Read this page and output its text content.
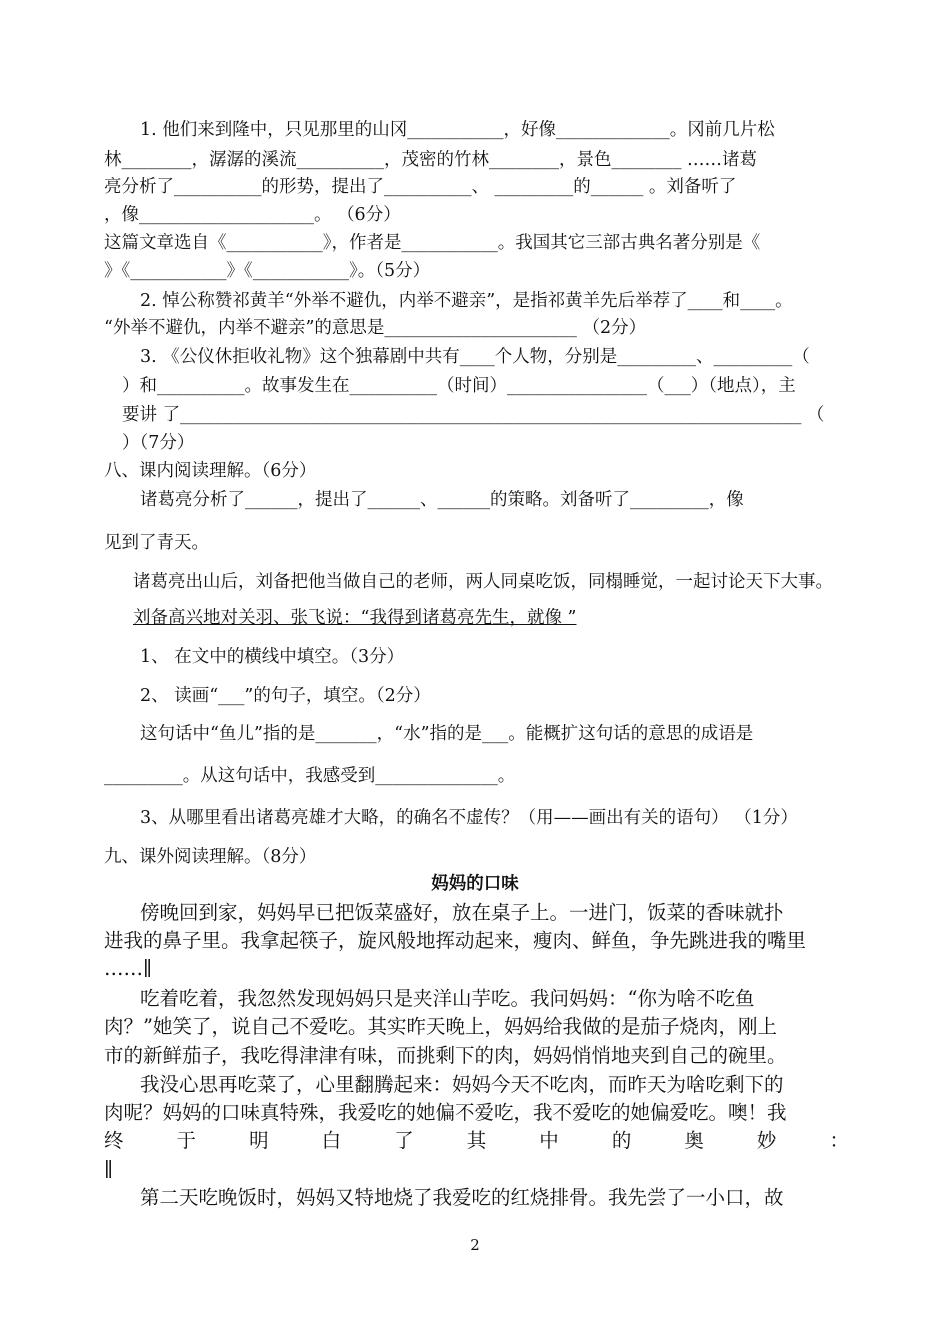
1. 他们来到隆中，只见那里的山冈___________，好像_____________。冈前几片松
林________，潺潺的溪流__________，茂密的竹林________，景色________ ……诸葛
亮分析了__________的形势，提出了__________、 _________的______ 。刘备听了
，像____________________。 （6分）
这篇文章选自《___________》，作者是___________。我国其它三部古典名著分别是《
》《___________》《___________》。（5分）
2. 悼公称赞祁黄羊“外举不避仇，内举不避亲”，是指祁黄羊先后举荐了____和____。
“外举不避仇，内举不避亲”的意思是______________________ （2分）
3. 《公仪休拒收礼物》这个独幕剧中共有____个人物，分别是_________、_________（
）和__________。故事发生在__________（时间）________________（___）（地点），主
要讲 了_______________________________________________________________________ （
）（7分）
八、课内阅读理解。（6分）
诸葛亮分析了______，提出了______、______的策略。刘备听了_________，像
见到了青天。
诸葛亮出山后，刘备把他当做自己的老师，两人同桌吃饭，同榻睡觉，一起讨论天下大事。
刘备高兴地对关羽、张飞说：“我得到诸葛亮先生，就像 ”
1、 在文中的横线中填空。（3分）
2、 读画“___”的句子，填空。（2分）
这句话中“鱼儿”指的是_______，“水”指的是___。能概扩这句话的意思的成语是
_________。从这句话中，我感受到______________。
3、从哪里看出诸葛亮雄才大略，的确名不虚传？（用——画出有关的语句） （1分）
九、课外阅读理解。（8分）
妈妈的口味
傍晚回到家，妈妈早已把饭菜盛好，放在桌子上。一进门，饭菜的香味就扑
进我的鼻子里。我拿起筷子，旋风般地挥动起来，瘦肉、鲜鱼，争先跳进我的嘴里
……∥
吃着吃着，我忽然发现妈妈只是夹洋山芋吃。我问妈妈：“你为啥不吃鱼
肉？”她笑了，说自己不爱吃。其实昨天晚上，妈妈给我做的是茄子烧肉，刚上
市的新鲜茄子，我吃得津津有味，而挑剩下的肉，妈妈悄悄地夹到自己的碗里。
我没心思再吃菜了，心里翻腾起来：妈妈今天不吃肉，而昨天为啥吃剩下的
肉呢？妈妈的口味真特殊，我爱吃的她偏不爱吃，我不爱吃的她偏爱吃。噢！我
终	于	明	白	了	其	中	的	奥	妙	：
∥
第二天吃晚饭时，妈妈又特地烧了我爱吃的红烧排骨。我先尝了一小口，故
2
